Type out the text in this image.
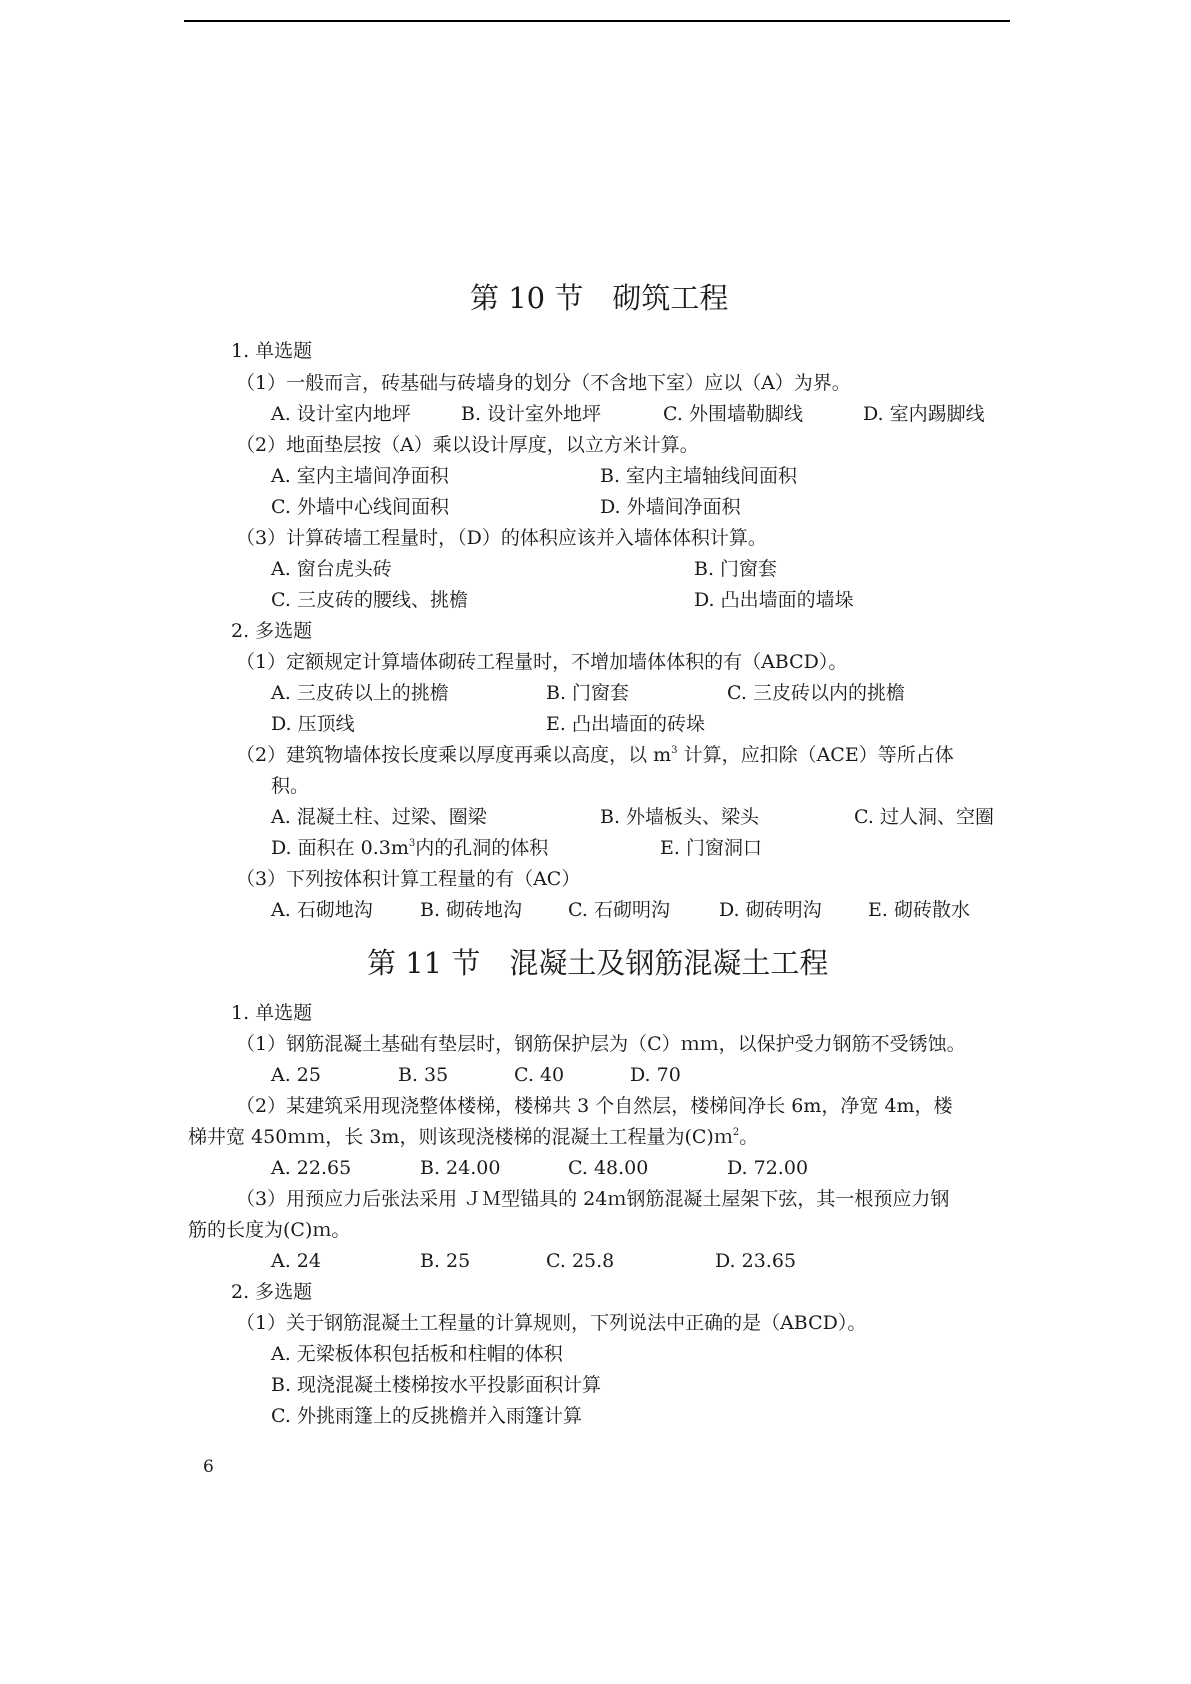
第 10 节　砌筑工程
1. 单选题
（1）一般而言，砖基础与砖墙身的划分（不含地下室）应以（A）为界。
A. 设计室内地坪	B. 设计室外地坪	C. 外围墙勒脚线	D. 室内踢脚线
（2）地面垫层按（A）乘以设计厚度，以立方米计算。
A. 室内主墙间净面积	B. 室内主墙轴线间面积
C. 外墙中心线间面积	D. 外墙间净面积
（3）计算砖墙工程量时，（D）的体积应该并入墙体体积计算。
A. 窗台虎头砖	B. 门窗套
C. 三皮砖的腰线、挑檐	D. 凸出墙面的墙垛
2. 多选题
（1）定额规定计算墙体砌砖工程量时，不增加墙体体积的有（ABCD）。
A. 三皮砖以上的挑檐	B. 门窗套	C. 三皮砖以内的挑檐
D. 压顶线	E. 凸出墙面的砖垛
（2）建筑物墙体按长度乘以厚度再乘以高度，以 $m^3$ 计算，应扣除（ACE）等所占体
积。
A. 混凝土柱、过梁、圈梁	B. 外墙板头、梁头	C. 过人洞、空圈
D. 面积在 $0.3m^3$内的孔洞的体积	E. 门窗洞口
（3）下列按体积计算工程量的有（AC）
A. 石砌地沟 B. 砌砖地沟 C. 石砌明沟	D. 砌砖明沟 E. 砌砖散水
第 11 节　混凝土及钢筋混凝土工程
1. 单选题
（1）钢筋混凝土基础有垫层时，钢筋保护层为（C）ｍｍ，以保护受力钢筋不受锈蚀。
A. 25	B. 35	C. 40	D. 70
（2）某建筑采用现浇整体楼梯，楼梯共 3 个自然层，楼梯间净长 6m，净宽 4m，楼
梯井宽 450ｍｍ，长 3m，则该现浇楼梯的混凝土工程量为(C)ｍ$^2$。
A. 22.65	B. 24.00	C. 48.00	D. 72.00
（3）用预应力后张法采用 ＪＭ型锚具的 24ｍ钢筋混凝土屋架下弦，其一根预应力钢
筋的长度为(C)ｍ。
A. 24	B. 25	C. 25.8	D. 23.65
2. 多选题
（1）关于钢筋混凝土工程量的计算规则，下列说法中正确的是（ABCD）。
A. 无梁板体积包括板和柱帽的体积
B. 现浇混凝土楼梯按水平投影面积计算
C. 外挑雨篷上的反挑檐并入雨篷计算
6
